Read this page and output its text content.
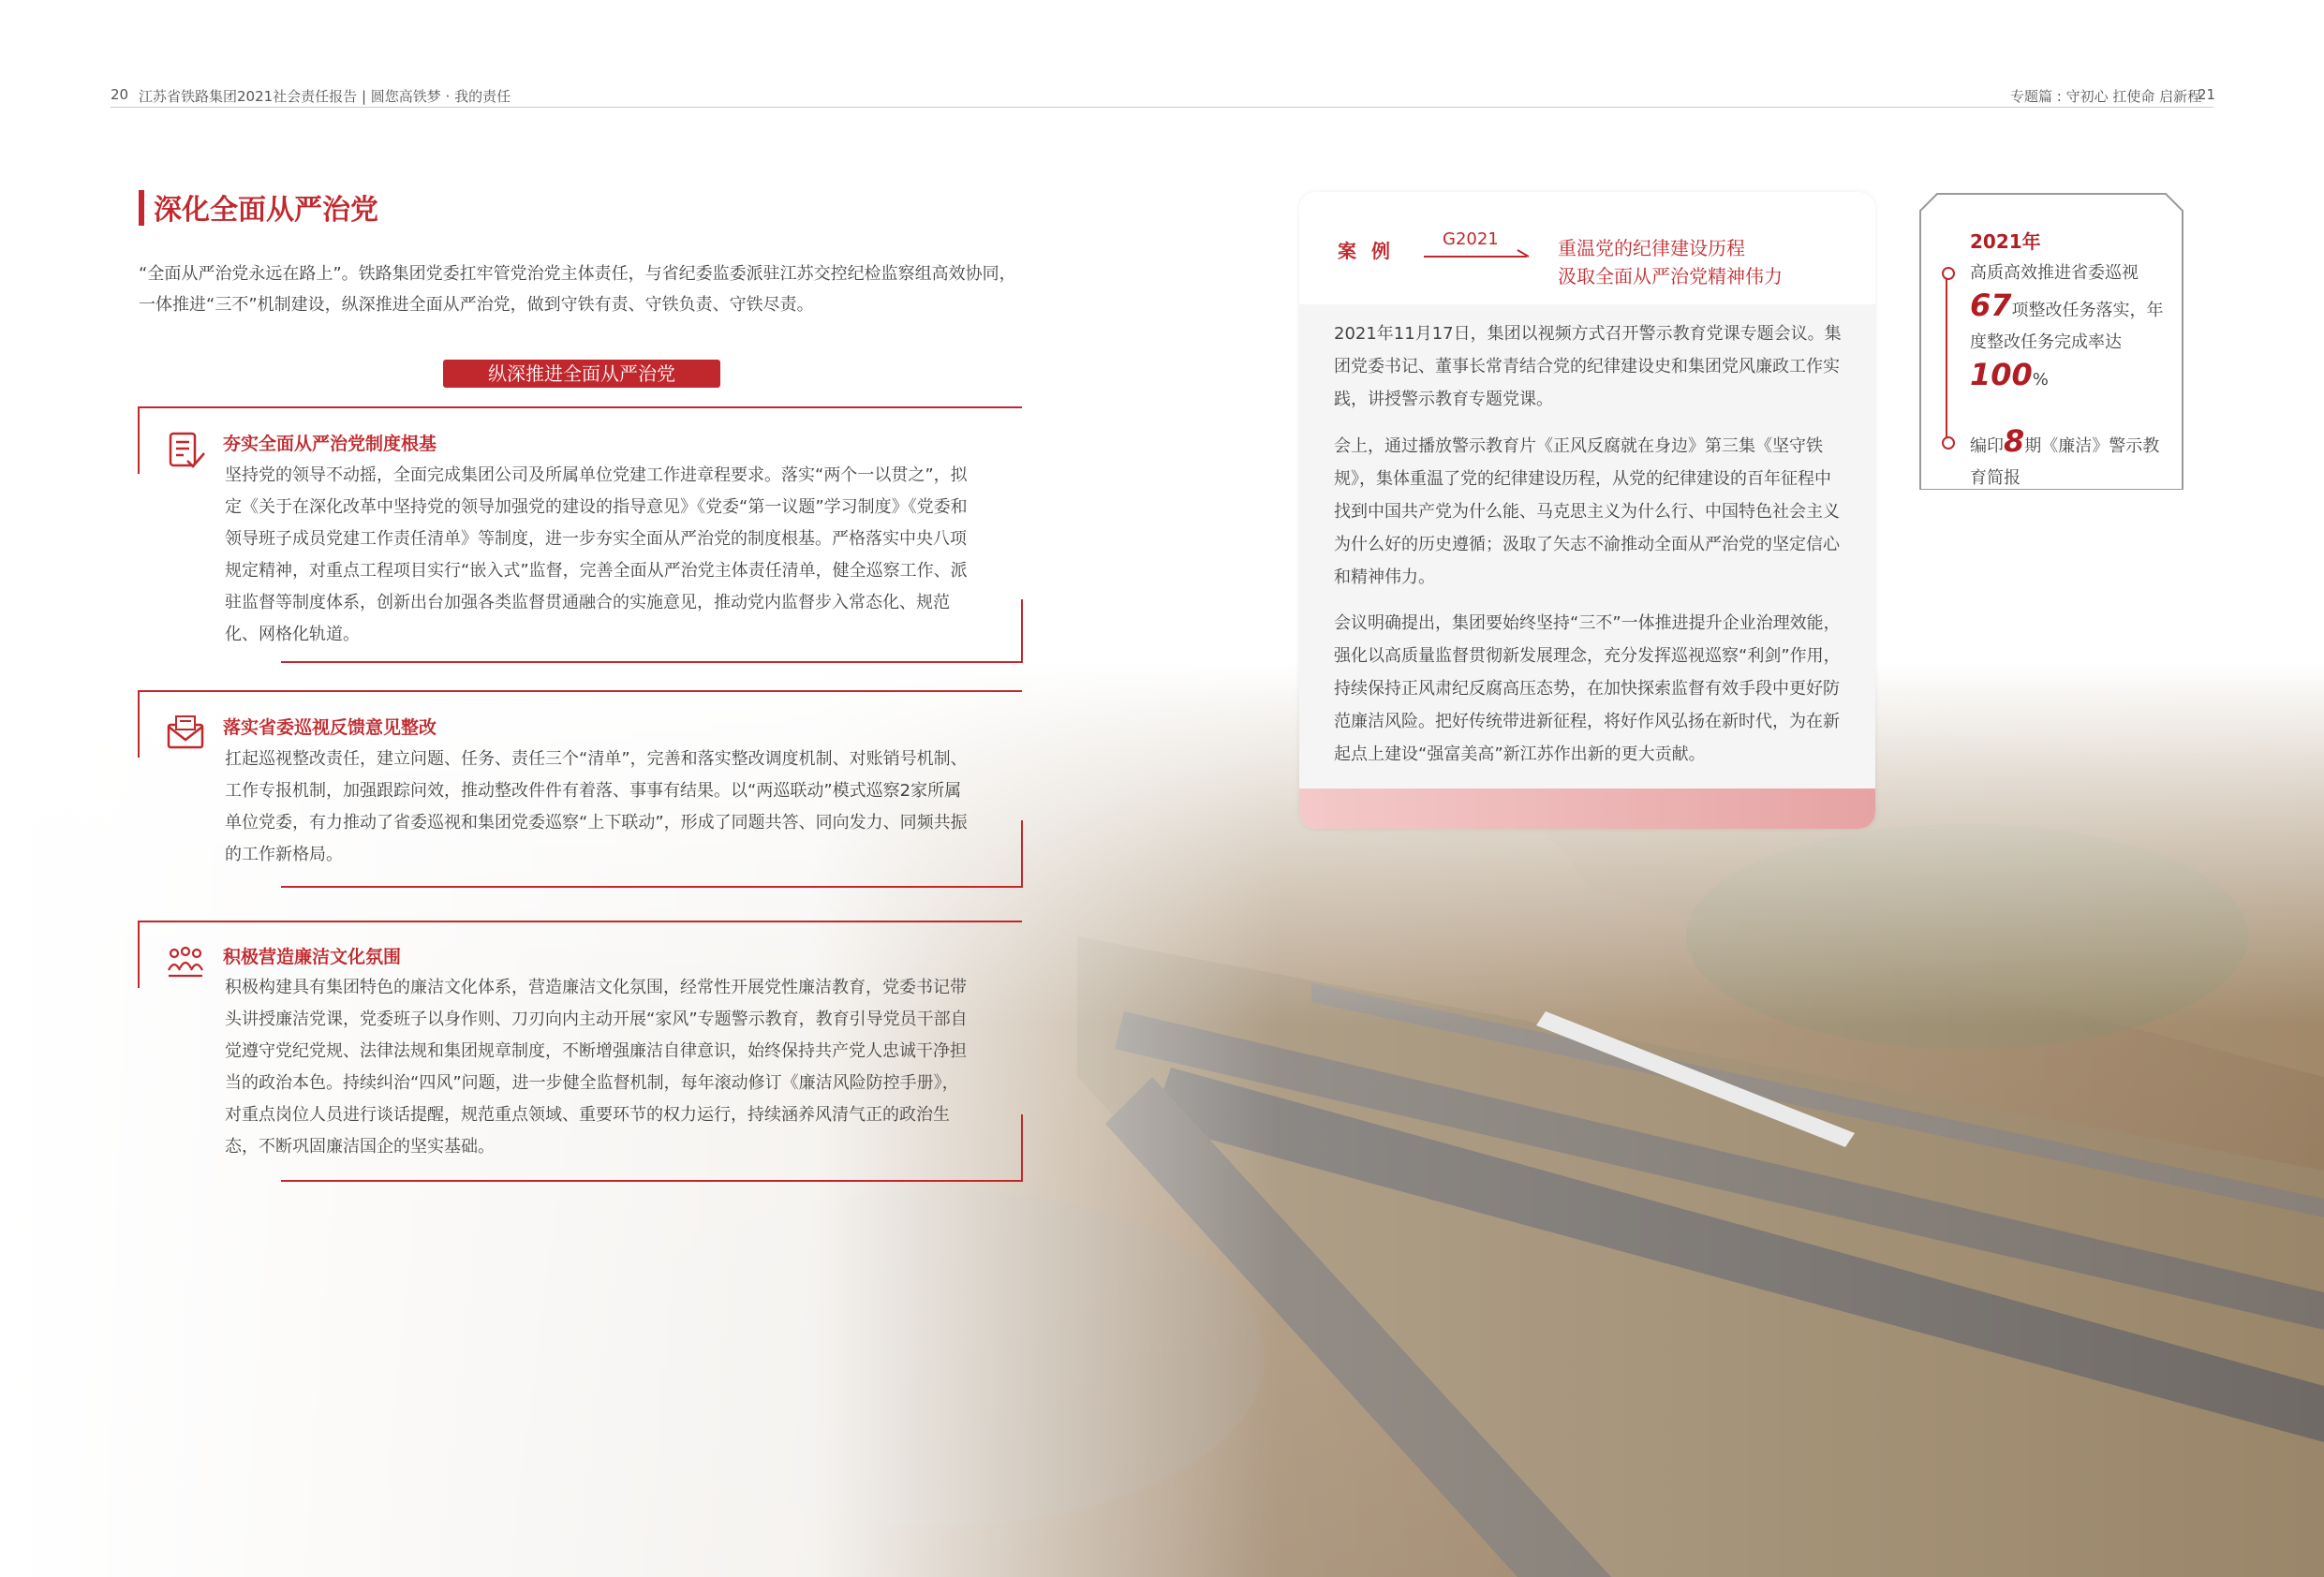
20 江苏省铁路集团2021社会责任报告 | 圆您高铁梦 · 我的责任	专题篇 : 守初心 扛使命 启新程
21
深化全面从严治党
“全面从严治党永远在路上”。铁路集团党委扛牢管党治党主体责任，与省纪委监委派驻江苏交控纪检监察组高效协同，一体推进“三不”机制建设，纵深推进全面从严治党，做到守铁有责、守铁负责、守铁尽责。
纵深推进全面从严治党
夯实全面从严治党制度根基
坚持党的领导不动摇，全面完成集团公司及所属单位党建工作进章程要求。落实“两个一以贯之”，拟定《关于在深化改革中坚持党的领导加强党的建设的指导意见》《党委“第一议题”学习制度》《党委和领导班子成员党建工作责任清单》等制度，进一步夯实全面从严治党的制度根基。严格落实中央八项规定精神，对重点工程项目实行“嵌入式”监督，完善全面从严治党主体责任清单，健全巡察工作、派驻监督等制度体系，创新出台加强各类监督贯通融合的实施意见，推动党内监督步入常态化、规范化、网格化轨道。
落实省委巡视反馈意见整改
扛起巡视整改责任，建立问题、任务、责任三个“清单”，完善和落实整改调度机制、对账销号机制、工作专报机制，加强跟踪问效，推动整改件件有着落、事事有结果。以“两巡联动”模式巡察2家所属单位党委，有力推动了省委巡视和集团党委巡察“上下联动”，形成了同题共答、同向发力、同频共振的工作新格局。
积极营造廉洁文化氛围
积极构建具有集团特色的廉洁文化体系，营造廉洁文化氛围，经常性开展党性廉洁教育，党委书记带头讲授廉洁党课，党委班子以身作则、刀刃向内主动开展“家风”专题警示教育，教育引导党员干部自觉遵守党纪党规、法律法规和集团规章制度，不断增强廉洁自律意识，始终保持共产党人忠诚干净担当的政治本色。持续纠治“四风”问题，进一步健全监督机制，每年滚动修订《廉洁风险防控手册》，对重点岗位人员进行谈话提醒，规范重点领域、重要环节的权力运行，持续涵养风清气正的政治生态，不断巩固廉洁国企的坚实基础。
案例
G2021	重温党的纪律建设历程
汲取全面从严治党精神伟力
2021年11月17日，集团以视频方式召开警示教育党课专题会议。集团党委书记、董事长常青结合党的纪律建设史和集团党风廉政工作实践，讲授警示教育专题党课。
会上，通过播放警示教育片《正风反腐就在身边》第三集《坚守铁规》，集体重温了党的纪律建设历程，从党的纪律建设的百年征程中找到中国共产党为什么能、马克思主义为什么行、中国特色社会主义为什么好的历史遵循；汲取了矢志不渝推动全面从严治党的坚定信心和精神伟力。
会议明确提出，集团要始终坚持“三不”一体推进提升企业治理效能，强化以高质量监督贯彻新发展理念，充分发挥巡视巡察“利剑”作用，持续保持正风肃纪反腐高压态势，在加快探索监督有效手段中更好防范廉洁风险。把好传统带进新征程，将好作风弘扬在新时代，为在新起点上建设“强富美高”新江苏作出新的更大贡献。
2021年
高质高效推进省委巡视67项整改任务落实，年度整改任务完成率达100%
编印8期《廉洁》警示教育简报
